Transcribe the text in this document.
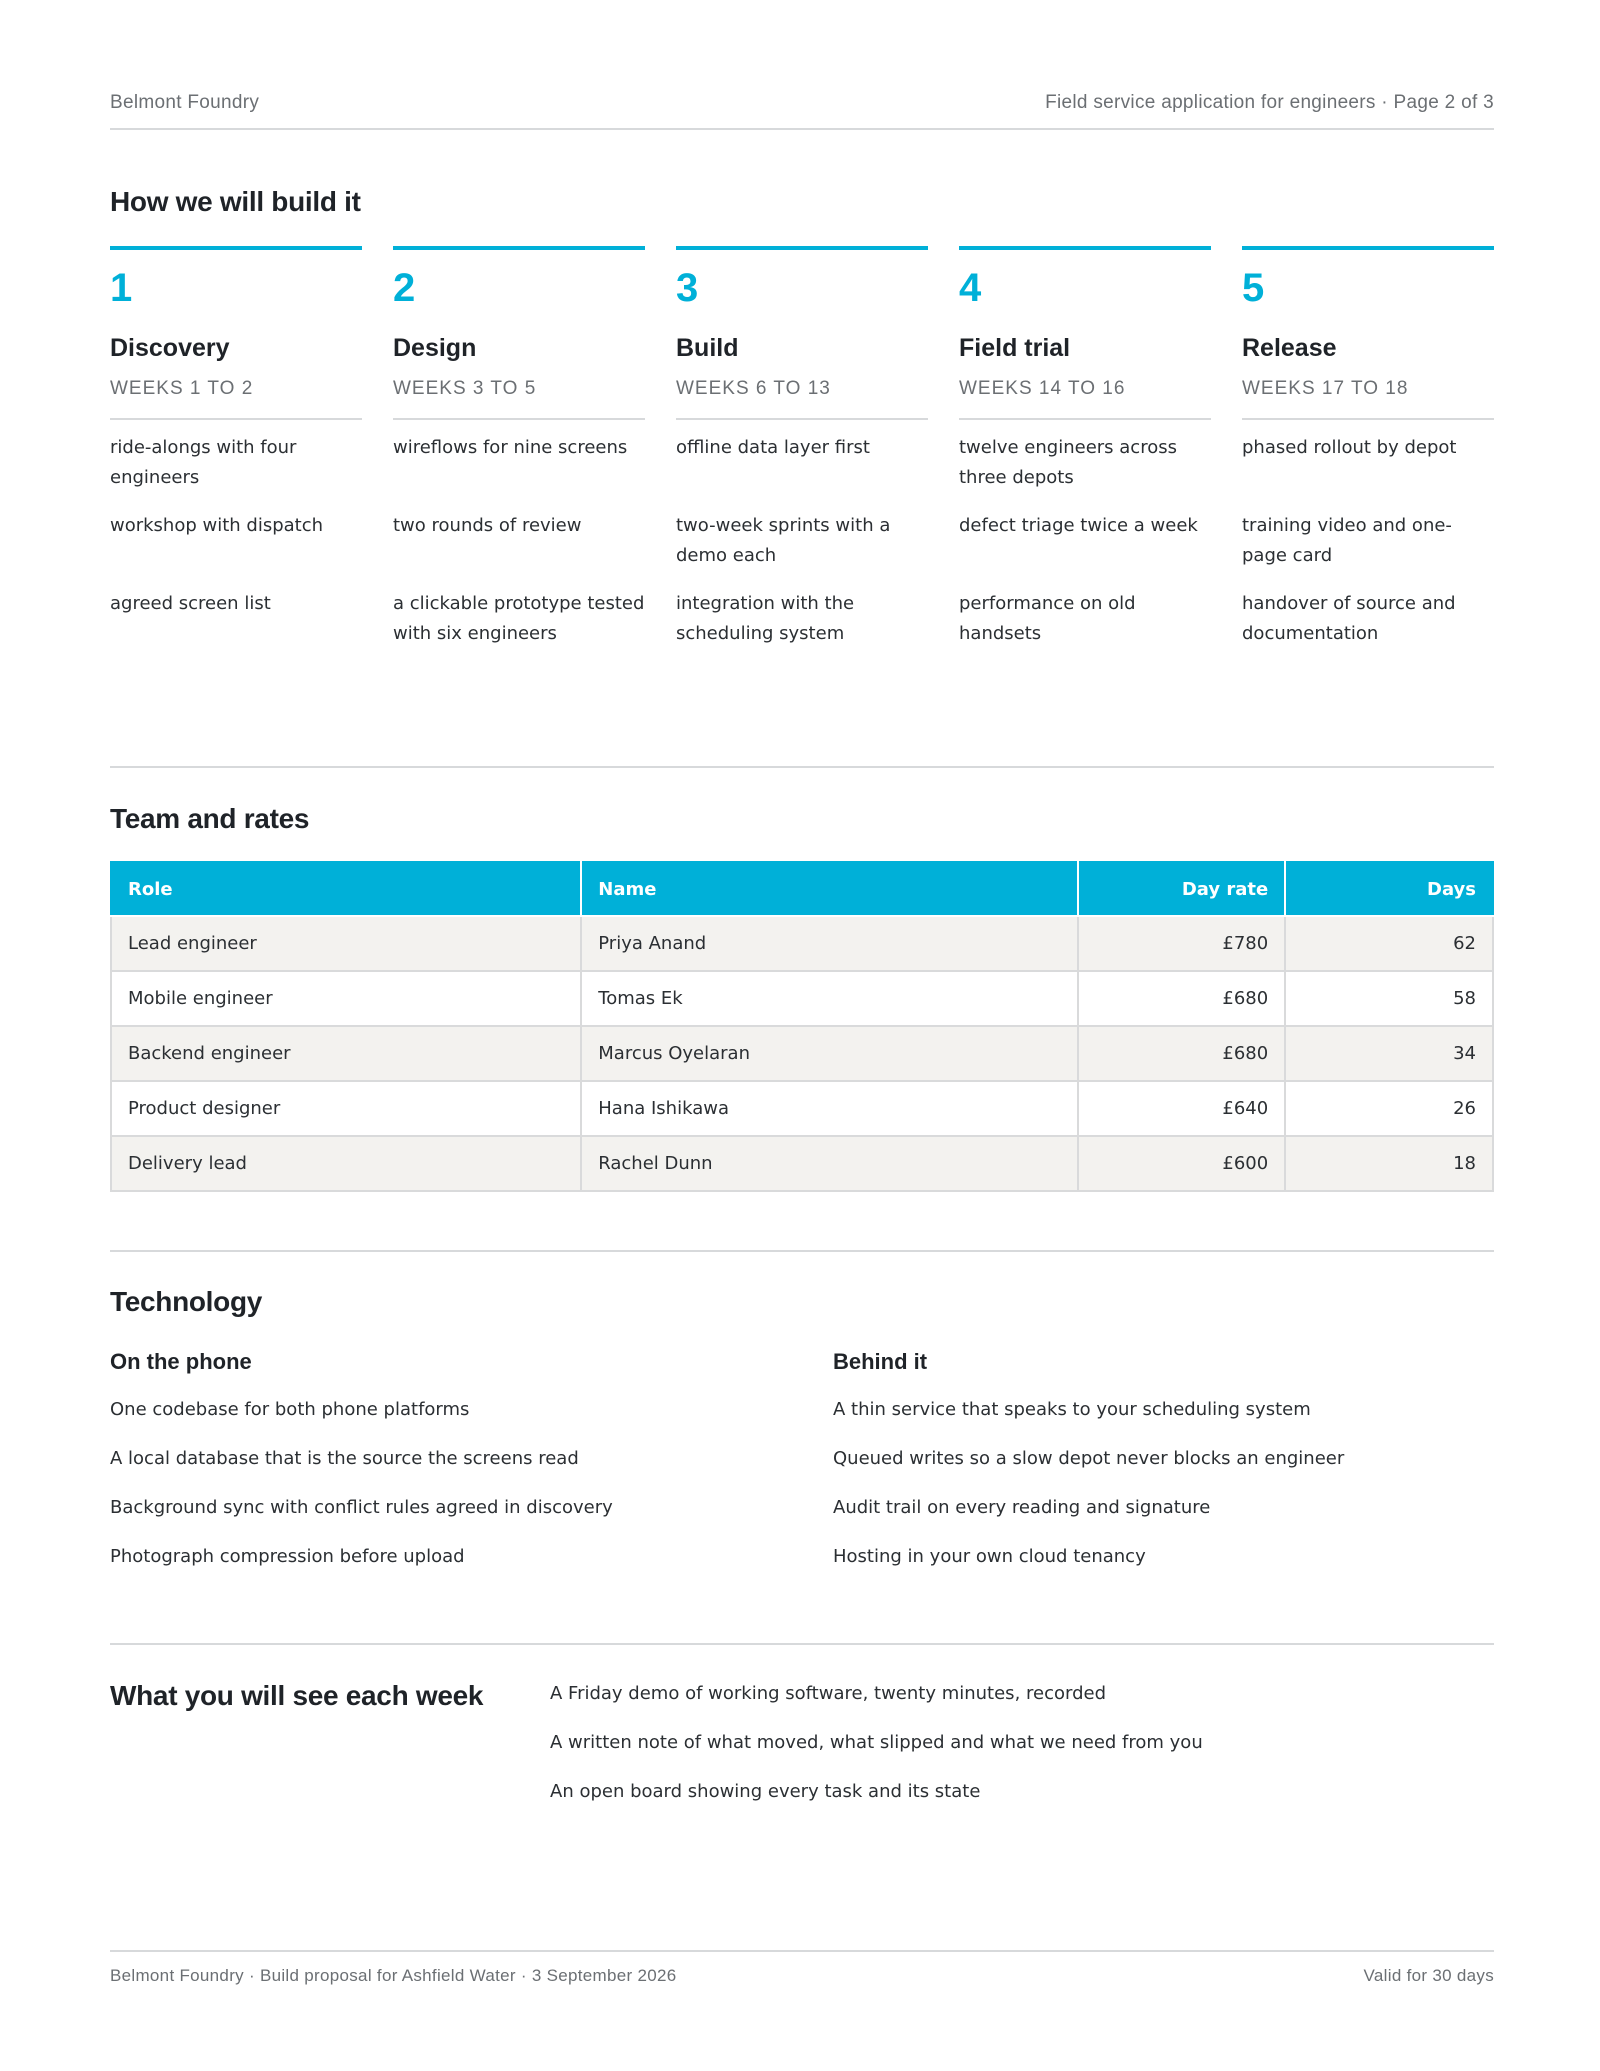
Belmont Foundry	Field service application for engineers · Page 2 of 3
How we will build it
1
Discovery
WEEKS 1 TO 2
ride-alongs with four engineers
workshop with dispatch
agreed screen list
2
Design
WEEKS 3 TO 5
wireflows for nine screens
two rounds of review
a clickable prototype tested with six engineers
3
Build
WEEKS 6 TO 13
offline data layer first
two-week sprints with a demo each
integration with the scheduling system
4
Field trial
WEEKS 14 TO 16
twelve engineers across three depots
defect triage twice a week
performance on old handsets
5
Release
WEEKS 17 TO 18
phased rollout by depot
training video and one-page card
handover of source and documentation
Team and rates
Role	Name	Day rate	Days
Lead engineer	Priya Anand	£780	62
Mobile engineer	Tomas Ek	£680	58
Backend engineer	Marcus Oyelaran	£680	34
Product designer	Hana Ishikawa	£640	26
Delivery lead	Rachel Dunn	£600	18
Technology
On the phone
One codebase for both phone platforms
A local database that is the source the screens read
Background sync with conflict rules agreed in discovery
Photograph compression before upload
Behind it
A thin service that speaks to your scheduling system
Queued writes so a slow depot never blocks an engineer
Audit trail on every reading and signature
Hosting in your own cloud tenancy
What you will see each week	A Friday demo of working software, twenty minutes, recorded
A written note of what moved, what slipped and what we need from you
An open board showing every task and its state
Belmont Foundry · Build proposal for Ashfield Water · 3 September 2026	Valid for 30 days
